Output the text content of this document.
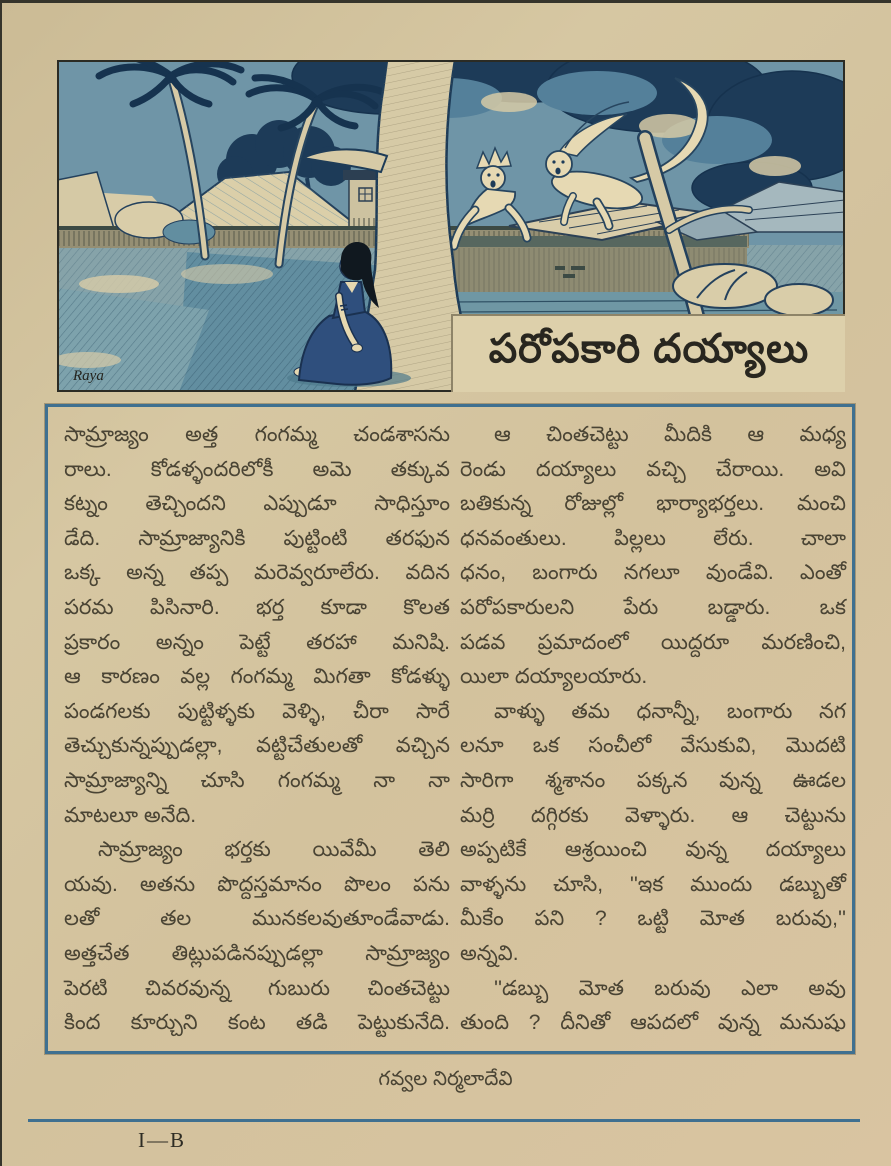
Raya
పరోపకారి దయ్యాలు
సామ్రాజ్యం అత్త గంగమ్మ చండశాసను
రాలు. కోడళ్ళందరిలోకీ అమె తక్కువ
కట్నం తెచ్చిందని ఎప్పుడూ సాధిస్తూం
డేది. సామ్రాజ్యానికి పుట్టింటి తరఫున
ఒక్క అన్న తప్ప మరెవ్వరూలేరు. వదిన
పరమ పిసినారి. భర్త కూడా కొలత
ప్రకారం అన్నం పెట్టే తరహా మనిషి.
ఆ కారణం వల్ల గంగమ్మ మిగతా కోడళ్ళు
పండగలకు పుట్టిళ్ళకు వెళ్ళి, చీరా సారే
తెచ్చుకున్నప్పుడల్లా, వట్టిచేతులతో వచ్చిన
సామ్రాజ్యాన్ని చూసి గంగమ్మ నా నా
మాటలూ అనేది.
సామ్రాజ్యం భర్తకు యివేమీ తెలి
యవు. అతను పొద్దస్తమానం పొలం పను
లతో తల మునకలవుతూండేవాడు.
అత్తచేత తిట్లుపడినప్పుడల్లా సామ్రాజ్యం
పెరటి చివరవున్న గుబురు చింతచెట్టు
కింద కూర్చుని కంట తడి పెట్టుకునేది.
ఆ చింతచెట్టు మీదికి ఆ మధ్య
రెండు దయ్యాలు వచ్చి చేరాయి. అవి
బతికున్న రోజుల్లో భార్యాభర్తలు. మంచి
ధనవంతులు. పిల్లలు లేరు. చాలా
ధనం, బంగారు నగలూ వుండేవి. ఎంతో
పరోపకారులని పేరు బడ్డారు. ఒక
పడవ ప్రమాదంలో యిద్దరూ మరణించి,
యిలా దయ్యాలయారు.
వాళ్ళు తమ ధనాన్నీ, బంగారు నగ
లనూ ఒక సంచీలో వేసుకువి, మొదటి
సారిగా శ్మశానం పక్కన వున్న ఊడల
మర్రి దగ్గిరకు వెళ్ళారు. ఆ చెట్టును
అప్పటికే ఆశ్రయించి వున్న దయ్యాలు
వాళ్ళను చూసి, ''ఇక ముందు డబ్బుతో
మీకేం పని ? ఒట్టి మోత బరువు,''
అన్నవి.
''డబ్బు మోత బరువు ఎలా అవు
తుంది ? దీనితో ఆపదలో వున్న మనుషు
గవ్వల నిర్మలాదేవి
I—B
